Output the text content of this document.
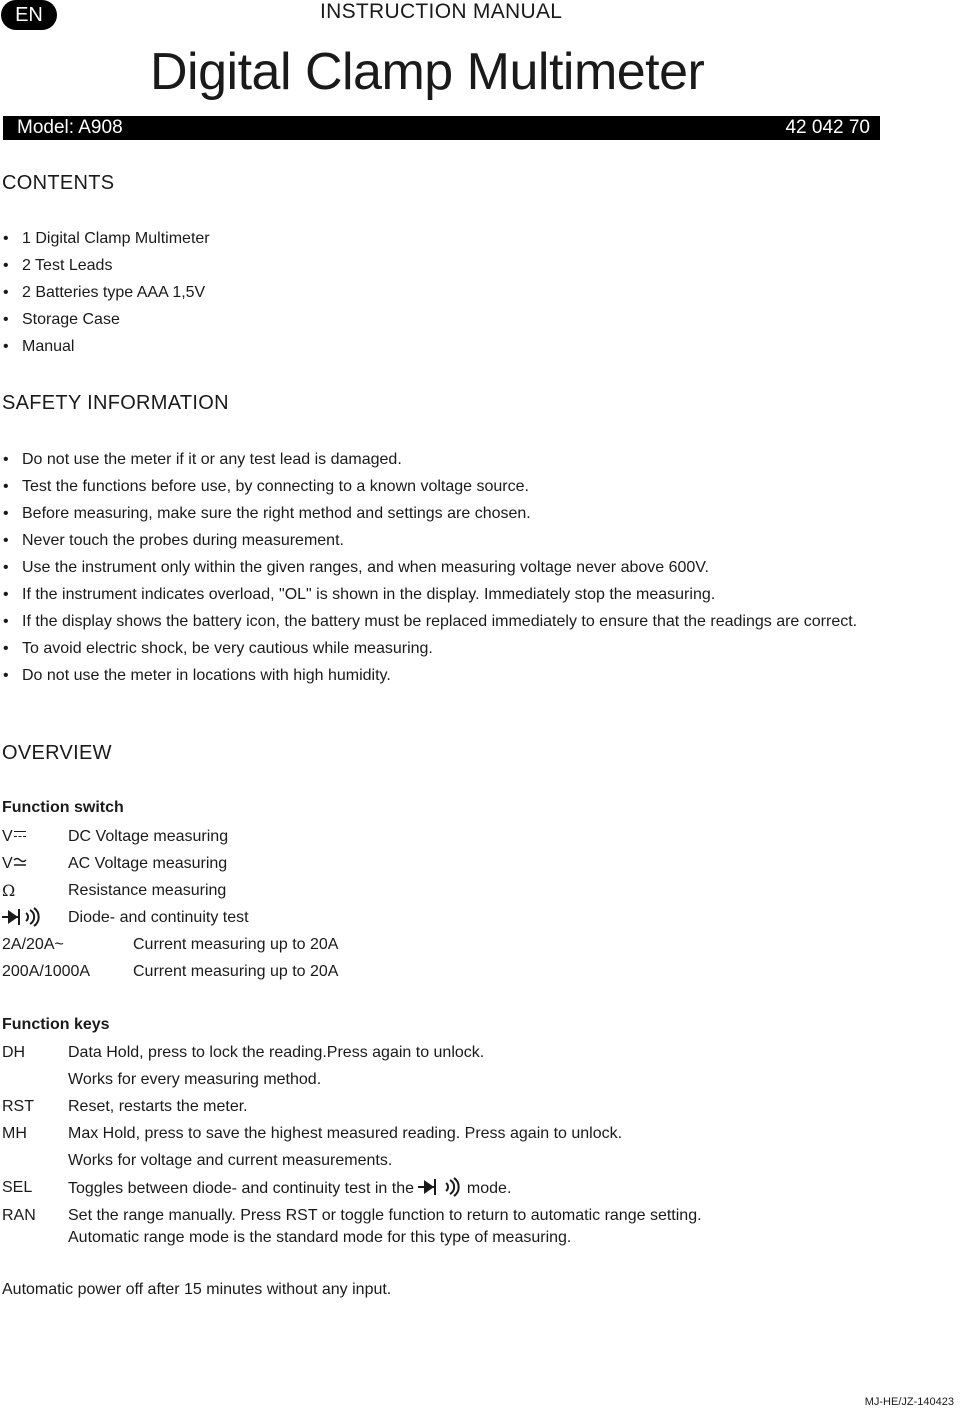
EN	INSTRUCTION MANUAL
Digital Clamp Multimeter
Model: A908	42 042 70
CONTENTS
• 1 Digital Clamp Multimeter
• 2 Test Leads
• 2 Batteries type AAA 1,5V
• Storage Case
• Manual
SAFETY INFORMATION
• Do not use the meter if it or any test lead is damaged.
• Test the functions before use, by connecting to a known voltage source.
• Before measuring, make sure the right method and settings are chosen.
• Never touch the probes during measurement.
• Use the instrument only within the given ranges, and when measuring voltage never above 600V.
• If the instrument indicates overload, "OL" is shown in the display. Immediately stop the measuring.
• If the display shows the battery icon, the battery must be replaced immediately to ensure that the readings are correct.
• To avoid electric shock, be very cautious while measuring.
• Do not use the meter in locations with high humidity.
OVERVIEW
Function switch
V	DC Voltage measuring
V	AC Voltage measuring
Ω	Resistance measuring
Diode- and continuity test
2A/20A~	Current measuring up to 20A
200A/1000A	Current measuring up to 20A
Function keys
DH	Data Hold, press to lock the reading.Press again to unlock.
Works for every measuring method.
RST Reset, restarts the meter.
MH	Max Hold, press to save the highest measured reading. Press again to unlock.
Works for voltage and current measurements.
SEL Toggles between diode- and continuity test in the	mode.
RAN Set the range manually. Press RST or toggle function to return to automatic range setting.
Automatic range mode is the standard mode for this type of measuring.
Automatic power off after 15 minutes without any input.
MJ-HE/JZ-140423
